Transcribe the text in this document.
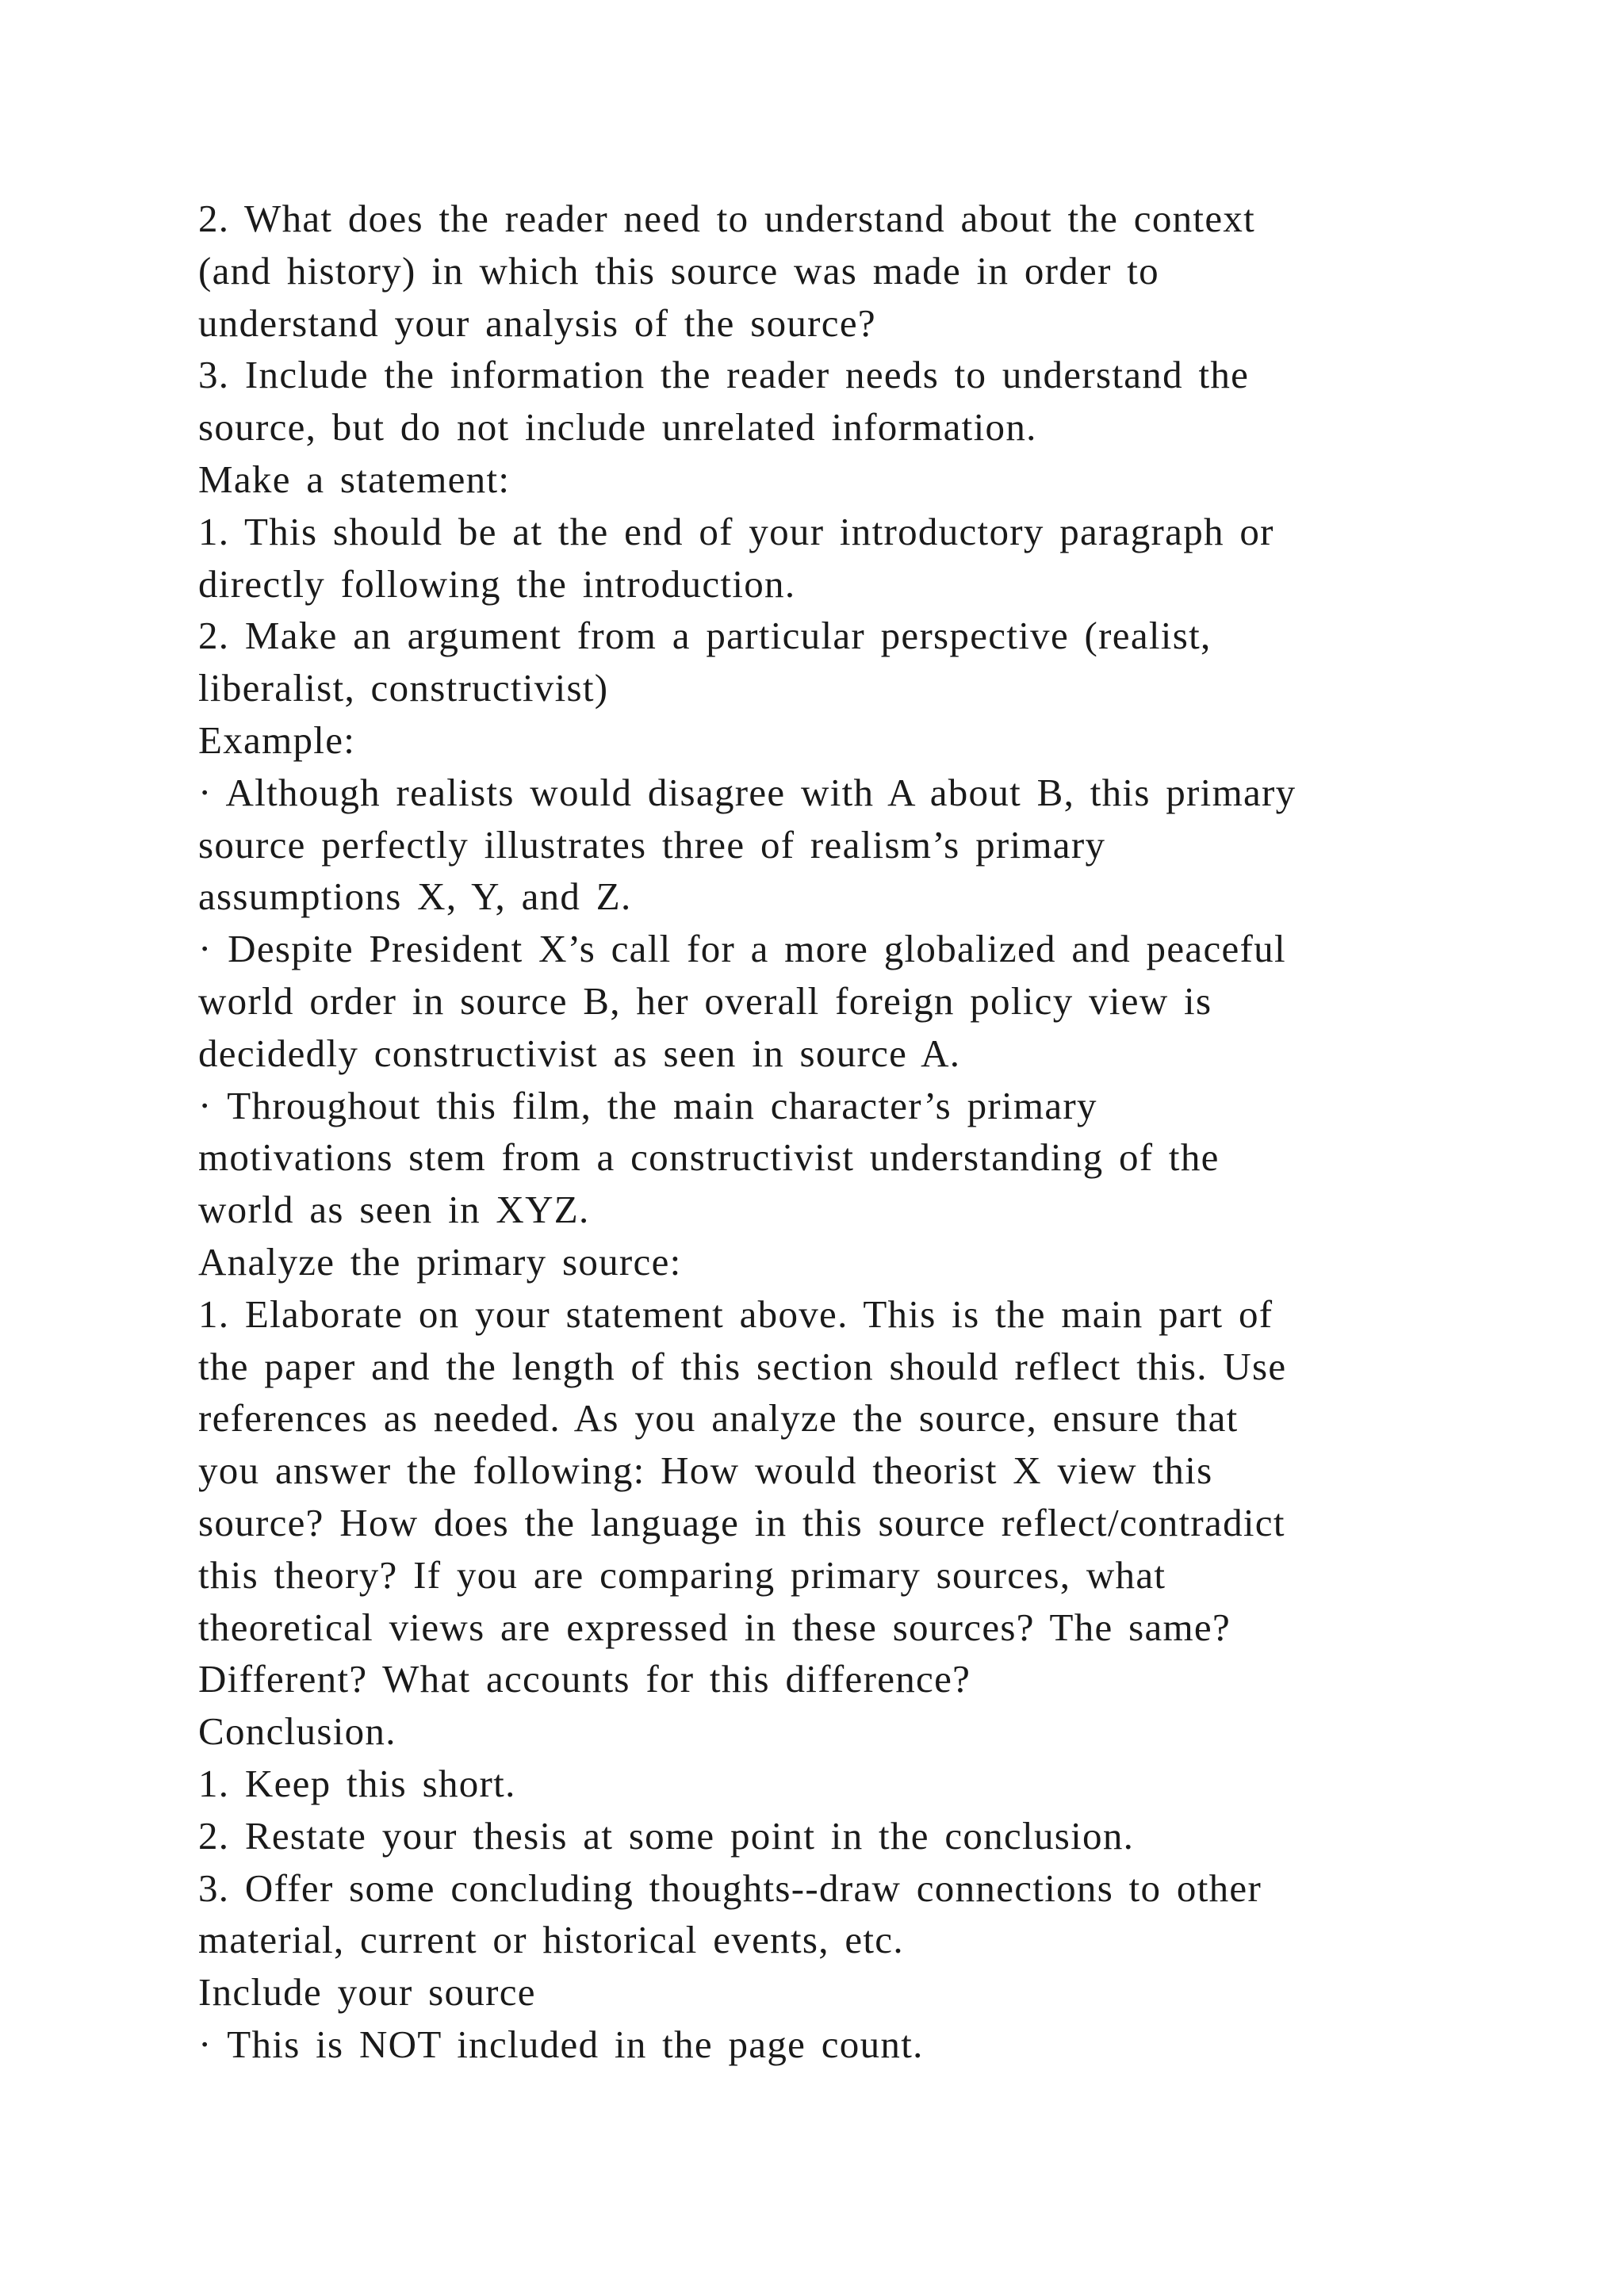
2. What does the reader need to understand about the context
(and history) in which this source was made in order to
understand your analysis of the source?
3. Include the information the reader needs to understand the
source, but do not include unrelated information.
Make a statement:
1. This should be at the end of your introductory paragraph or
directly following the introduction.
2. Make an argument from a particular perspective (realist,
liberalist, constructivist)
Example:
· Although realists would disagree with A about B, this primary
source perfectly illustrates three of realism’s primary
assumptions X, Y, and Z.
· Despite President X’s call for a more globalized and peaceful
world order in source B, her overall foreign policy view is
decidedly constructivist as seen in source A.
· Throughout this film, the main character’s primary
motivations stem from a constructivist understanding of the
world as seen in XYZ.
Analyze the primary source:
1. Elaborate on your statement above. This is the main part of
the paper and the length of this section should reflect this. Use
references as needed. As you analyze the source, ensure that
you answer the following: How would theorist X view this
source? How does the language in this source reflect/contradict
this theory? If you are comparing primary sources, what
theoretical views are expressed in these sources? The same?
Different? What accounts for this difference?
Conclusion.
1. Keep this short.
2. Restate your thesis at some point in the conclusion.
3. Offer some concluding thoughts--draw connections to other
material, current or historical events, etc.
Include your source
· This is NOT included in the page count.
